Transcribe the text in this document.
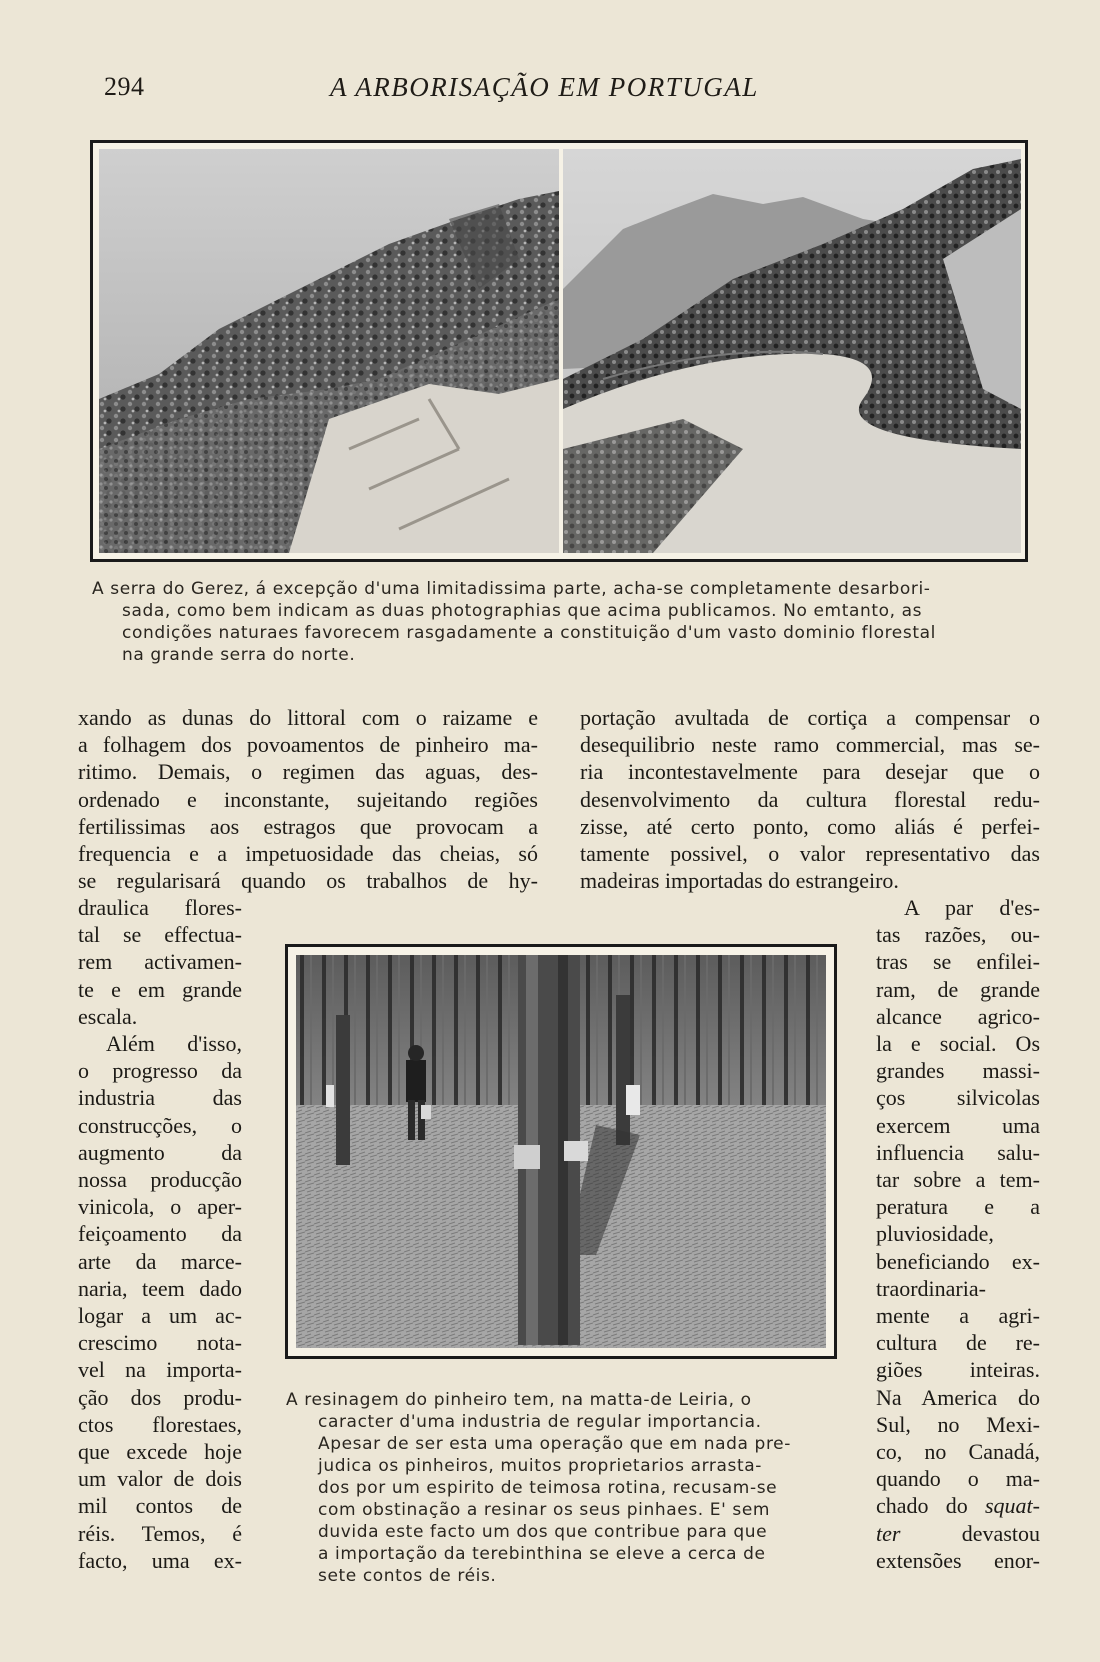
294	A ARBORISAÇÃO EM PORTUGAL
A serra do Gerez, á excepção d'uma limitadissima parte, acha-se completamente desarbori-
sada, como bem indicam as duas photographias que acima publicamos. No emtanto, as
condições naturaes favorecem rasgadamente a constituição d'um vasto dominio florestal
na grande serra do norte.
xando as dunas do littoral com o raizame e
a folhagem dos povoamentos de pinheiro ma-
ritimo. Demais, o regimen das aguas, des-
ordenado e inconstante, sujeitando regiões
fertilissimas aos estragos que provocam a
frequencia e a impetuosidade das cheias, só
se regularisará quando os trabalhos de hy-
portação avultada de cortiça a compensar o
desequilibrio neste ramo commercial, mas se-
ria incontestavelmente para desejar que o
desenvolvimento da cultura florestal redu-
zisse, até certo ponto, como aliás é perfei-
tamente possivel, o valor representativo das
madeiras importadas do estrangeiro.
draulica flores-
tal se effectua-
rem activamen-
te e em grande
escala.
Além d'isso,
o progresso da
industria das
construcções, o
augmento da
nossa producção
vinicola, o aper-
feiçoamento da
arte da marce-
naria, teem dado
logar a um ac-
crescimo nota-
vel na importa-
ção dos produ-
ctos florestaes,
que excede hoje
um valor de dois
mil contos de
réis. Temos, é
facto, uma ex-
A resinagem do pinheiro tem, na matta-de Leiria, o
caracter d'uma industria de regular importancia.
Apesar de ser esta uma operação que em nada pre-
judica os pinheiros, muitos proprietarios arrasta-
dos por um espirito de teimosa rotina, recusam-se
com obstinação a resinar os seus pinhaes. E' sem
duvida este facto um dos que contribue para que
a importação da terebinthina se eleve a cerca de
sete contos de réis.
A par d'es-
tas razões, ou-
tras se enfilei-
ram, de grande
alcance agrico-
la e social. Os
grandes massi-
ços silvicolas
exercem uma
influencia salu-
tar sobre a tem-
peratura e a
pluviosidade,
beneficiando ex-
traordinaria-
mente a agri-
cultura de re-
giões inteiras.
Na America do
Sul, no Mexi-
co, no Canadá,
quando o ma-
chado do squat-
ter devastou
extensões enor-
